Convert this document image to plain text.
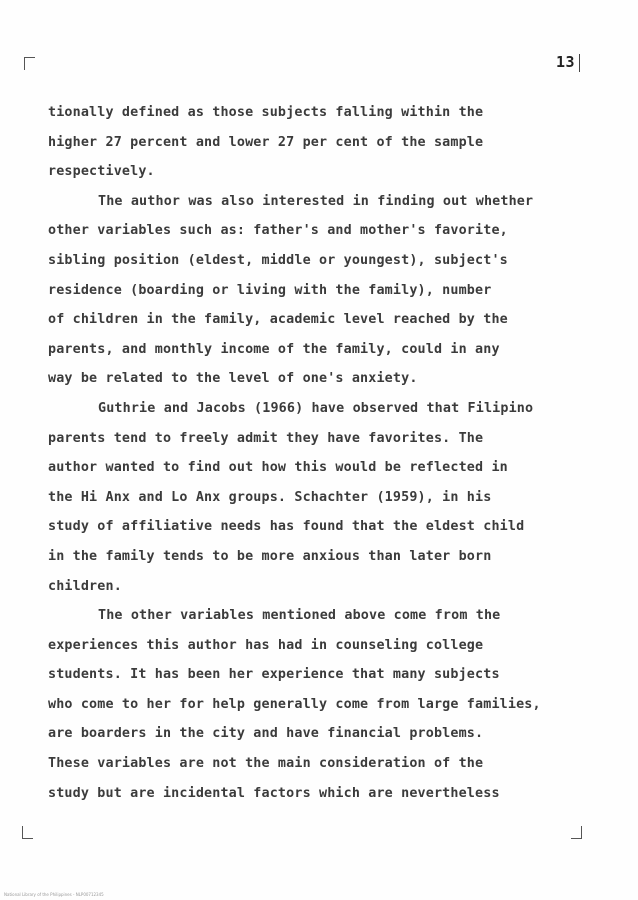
13
tionally defined as those subjects falling within the
higher 27 percent and lower 27 per cent of the sample
respectively.
The author was also interested in finding out whether
other variables such as: father's and mother's favorite,
sibling position (eldest, middle or youngest), subject's
residence (boarding or living with the family), number
of children in the family, academic level reached by the
parents, and monthly income of the family, could in any
way be related to the level of one's anxiety.
Guthrie and Jacobs (1966) have observed that Filipino
parents tend to freely admit they have favorites. The
author wanted to find out how this would be reflected in
the Hi Anx and Lo Anx groups. Schachter (1959), in his
study of affiliative needs has found that the eldest child
in the family tends to be more anxious than later born
children.
The other variables mentioned above come from the
experiences this author has had in counseling college
students. It has been her experience that many subjects
who come to her for help generally come from large families,
are boarders in the city and have financial problems.
These variables are not the main consideration of the
study but are incidental factors which are nevertheless
National Library of the Philippines - NLP00712345
